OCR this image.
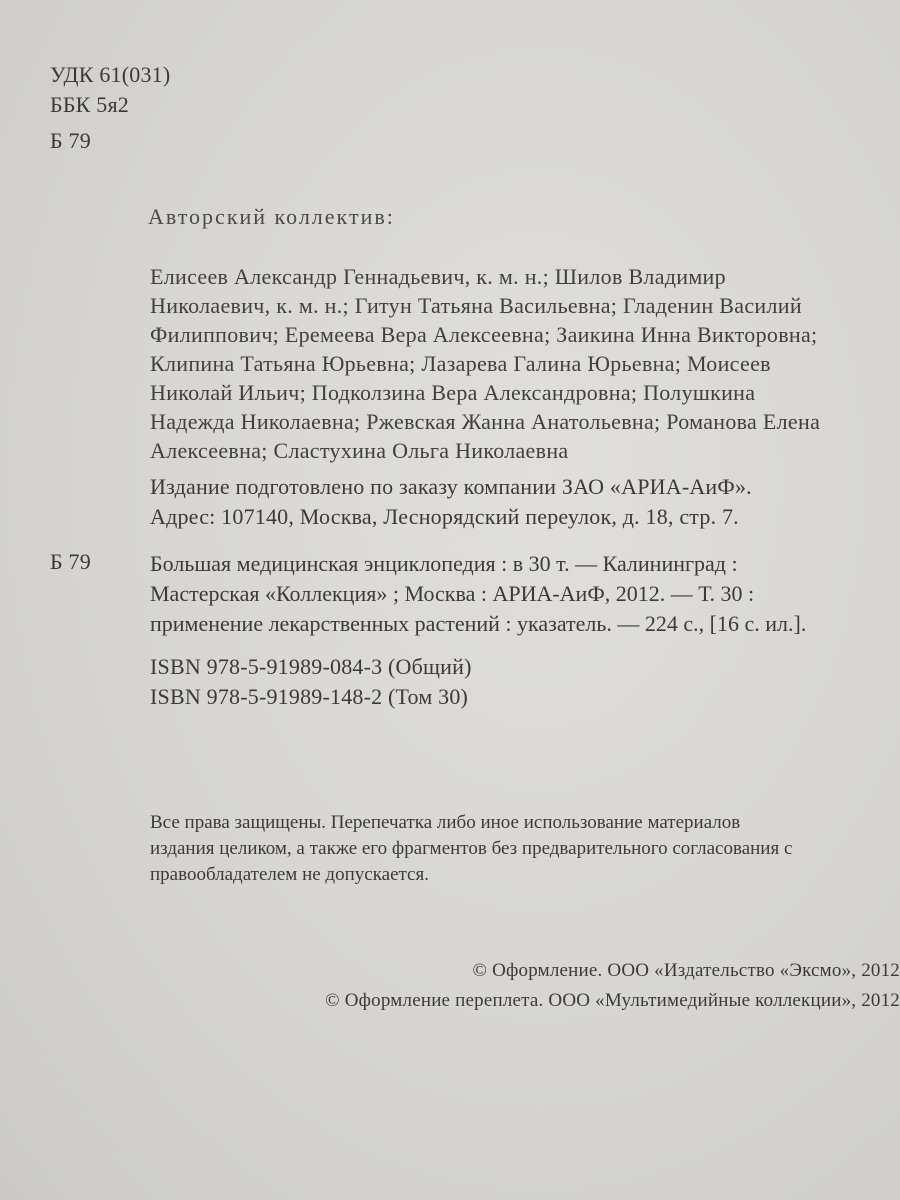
УДК 61(031)
ББК 5я2
Б 79
Авторский коллектив:
Елисеев Александр Геннадьевич, к. м. н.; Шилов Владимир
Николаевич, к. м. н.; Гитун Татьяна Васильевна; Гладенин Василий
Филиппович; Еремеева Вера Алексеевна; Заикина Инна Викторовна;
Клипина Татьяна Юрьевна; Лазарева Галина Юрьевна; Моисеев
Николай Ильич; Подколзина Вера Александровна; Полушкина
Надежда Николаевна; Ржевская Жанна Анатольевна; Романова Елена
Алексеевна; Сластухина Ольга Николаевна
Издание подготовлено по заказу компании ЗАО «АРИА-АиФ».
Адрес: 107140, Москва, Леснорядский переулок, д. 18, стр. 7.
Б 79	Большая медицинская энциклопедия : в 30 т. — Калининград :
Мастерская «Коллекция» ; Москва : АРИА-АиФ, 2012. — Т. 30 :
применение лекарственных растений : указатель. — 224 с., [16 с. ил.].
ISBN 978-5-91989-084-3 (Общий)
ISBN 978-5-91989-148-2 (Том 30)
Все права защищены. Перепечатка либо иное использование материалов
издания целиком, а также его фрагментов без предварительного согласования с
правообладателем не допускается.
© Оформление. ООО «Издательство «Эксмо», 2012
© Оформление переплета. ООО «Мультимедийные коллекции», 2012
